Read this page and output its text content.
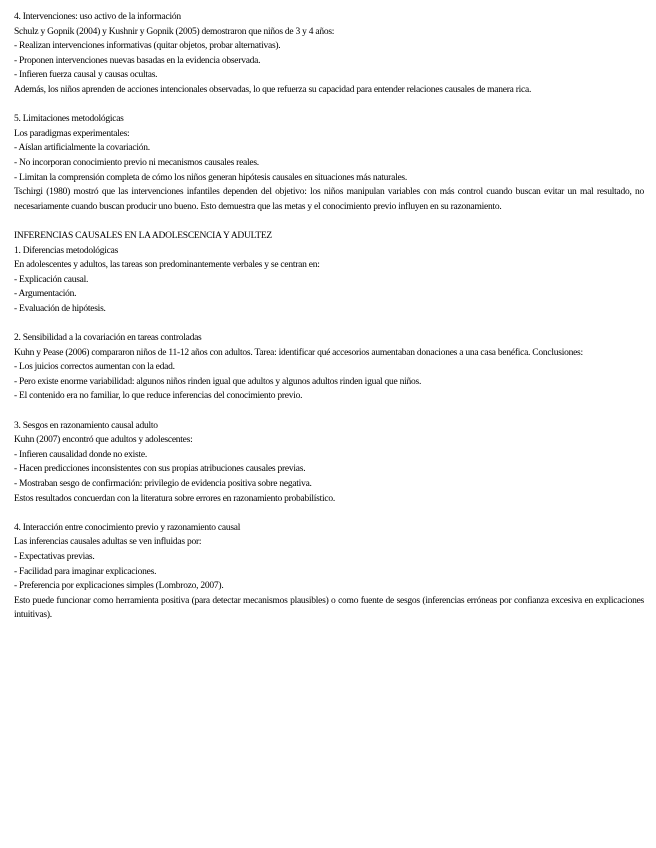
4. Intervenciones: uso activo de la información
Schulz y Gopnik (2004) y Kushnir y Gopnik (2005) demostraron que niños de 3 y 4 años:
- Realizan intervenciones informativas (quitar objetos, probar alternativas).
- Proponen intervenciones nuevas basadas en la evidencia observada.
- Infieren fuerza causal y causas ocultas.
Además, los niños aprenden de acciones intencionales observadas, lo que refuerza su capacidad para entender relaciones causales de manera rica.
5. Limitaciones metodológicas
Los paradigmas experimentales:
- Aíslan artificialmente la covariación.
- No incorporan conocimiento previo ni mecanismos causales reales.
- Limitan la comprensión completa de cómo los niños generan hipótesis causales en situaciones más naturales.
Tschirgi (1980) mostró que las intervenciones infantiles dependen del objetivo: los niños manipulan variables con más control cuando buscan evitar un mal resultado, no necesariamente cuando buscan producir uno bueno. Esto demuestra que las metas y el conocimiento previo influyen en su razonamiento.
INFERENCIAS CAUSALES EN LA ADOLESCENCIA Y ADULTEZ
1. Diferencias metodológicas
En adolescentes y adultos, las tareas son predominantemente verbales y se centran en:
- Explicación causal.
- Argumentación.
- Evaluación de hipótesis.
2. Sensibilidad a la covariación en tareas controladas
Kuhn y Pease (2006) compararon niños de 11-12 años con adultos. Tarea: identificar qué accesorios aumentaban donaciones a una casa benéfica. Conclusiones:
- Los juicios correctos aumentan con la edad.
- Pero existe enorme variabilidad: algunos niños rinden igual que adultos y algunos adultos rinden igual que niños.
- El contenido era no familiar, lo que reduce inferencias del conocimiento previo.
3. Sesgos en razonamiento causal adulto
Kuhn (2007) encontró que adultos y adolescentes:
- Infieren causalidad donde no existe.
- Hacen predicciones inconsistentes con sus propias atribuciones causales previas.
- Mostraban sesgo de confirmación: privilegio de evidencia positiva sobre negativa.
Estos resultados concuerdan con la literatura sobre errores en razonamiento probabilístico.
4. Interacción entre conocimiento previo y razonamiento causal
Las inferencias causales adultas se ven influidas por:
- Expectativas previas.
- Facilidad para imaginar explicaciones.
- Preferencia por explicaciones simples (Lombrozo, 2007).
Esto puede funcionar como herramienta positiva (para detectar mecanismos plausibles) o como fuente de sesgos (inferencias erróneas por confianza excesiva en explicaciones intuitivas).
